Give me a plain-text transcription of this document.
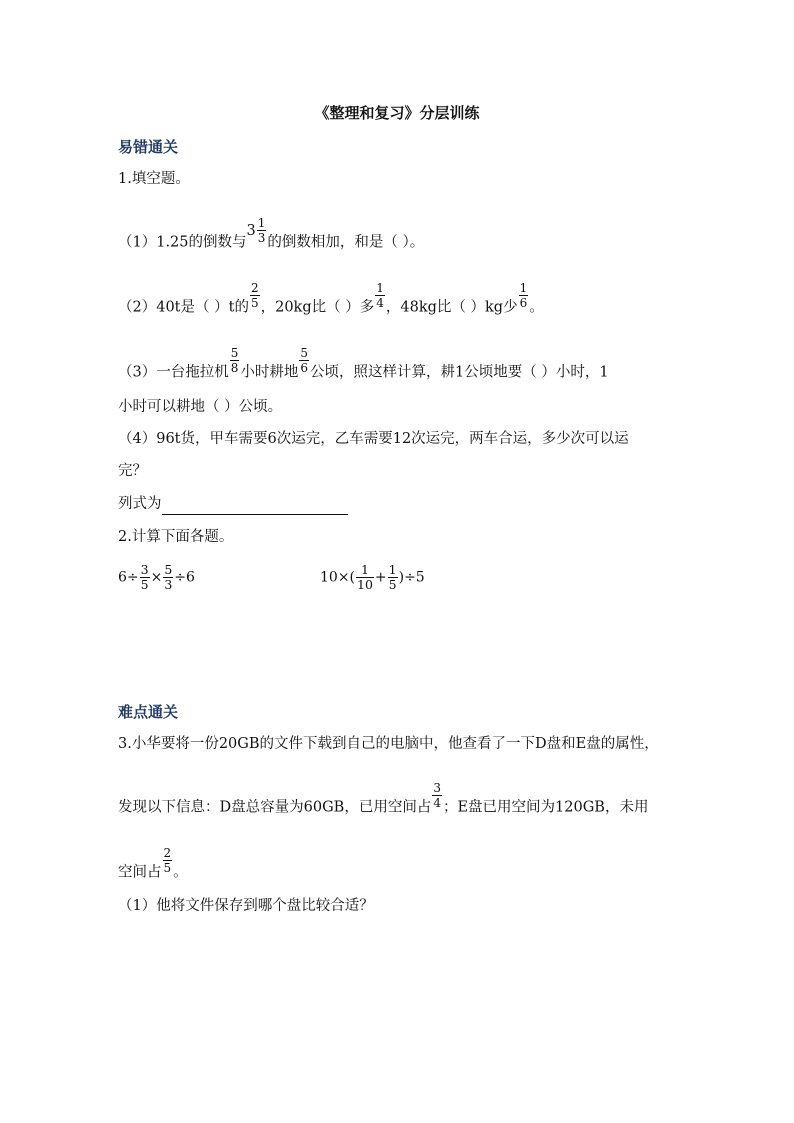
《整理和复习》分层训练
易错通关
1.填空题。
（1）1.25的倒数与$3 \frac{1}{3}$ 的倒数相加，和是（ ）。
（2）40t是（ ）t的 $\frac{2}{5}$ ，20kg比（ ）多 $\frac{1}{4}$ ，48kg比（ ）kg少 $\frac{1}{6}$ 。
（3）一台拖拉机 $\frac{5}{8}$ 小时耕地 $\frac{5}{6}$ 公顷，照这样计算，耕1公顷地要（ ）小时，1
小时可以耕地（ ）公顷。
（4）96t货，甲车需要6次运完，乙车需要12次运完，两车合运，多少次可以运
完？
列式为
2.计算下面各题。
$6\div \frac{3}{5} \times \frac{5}{3} \div 6$	$10\times( \frac{1}{10} + \frac{1}{5} )\div 5$
难点通关
3.小华要将一份20GB的文件下载到自己的电脑中，他查看了一下D盘和E盘的属性，
发现以下信息：D盘总容量为60GB，已用空间占 $\frac{3}{4}$ ；E盘已用空间为120GB，未用
空间占 $\frac{2}{5}$ 。
（1）他将文件保存到哪个盘比较合适？
